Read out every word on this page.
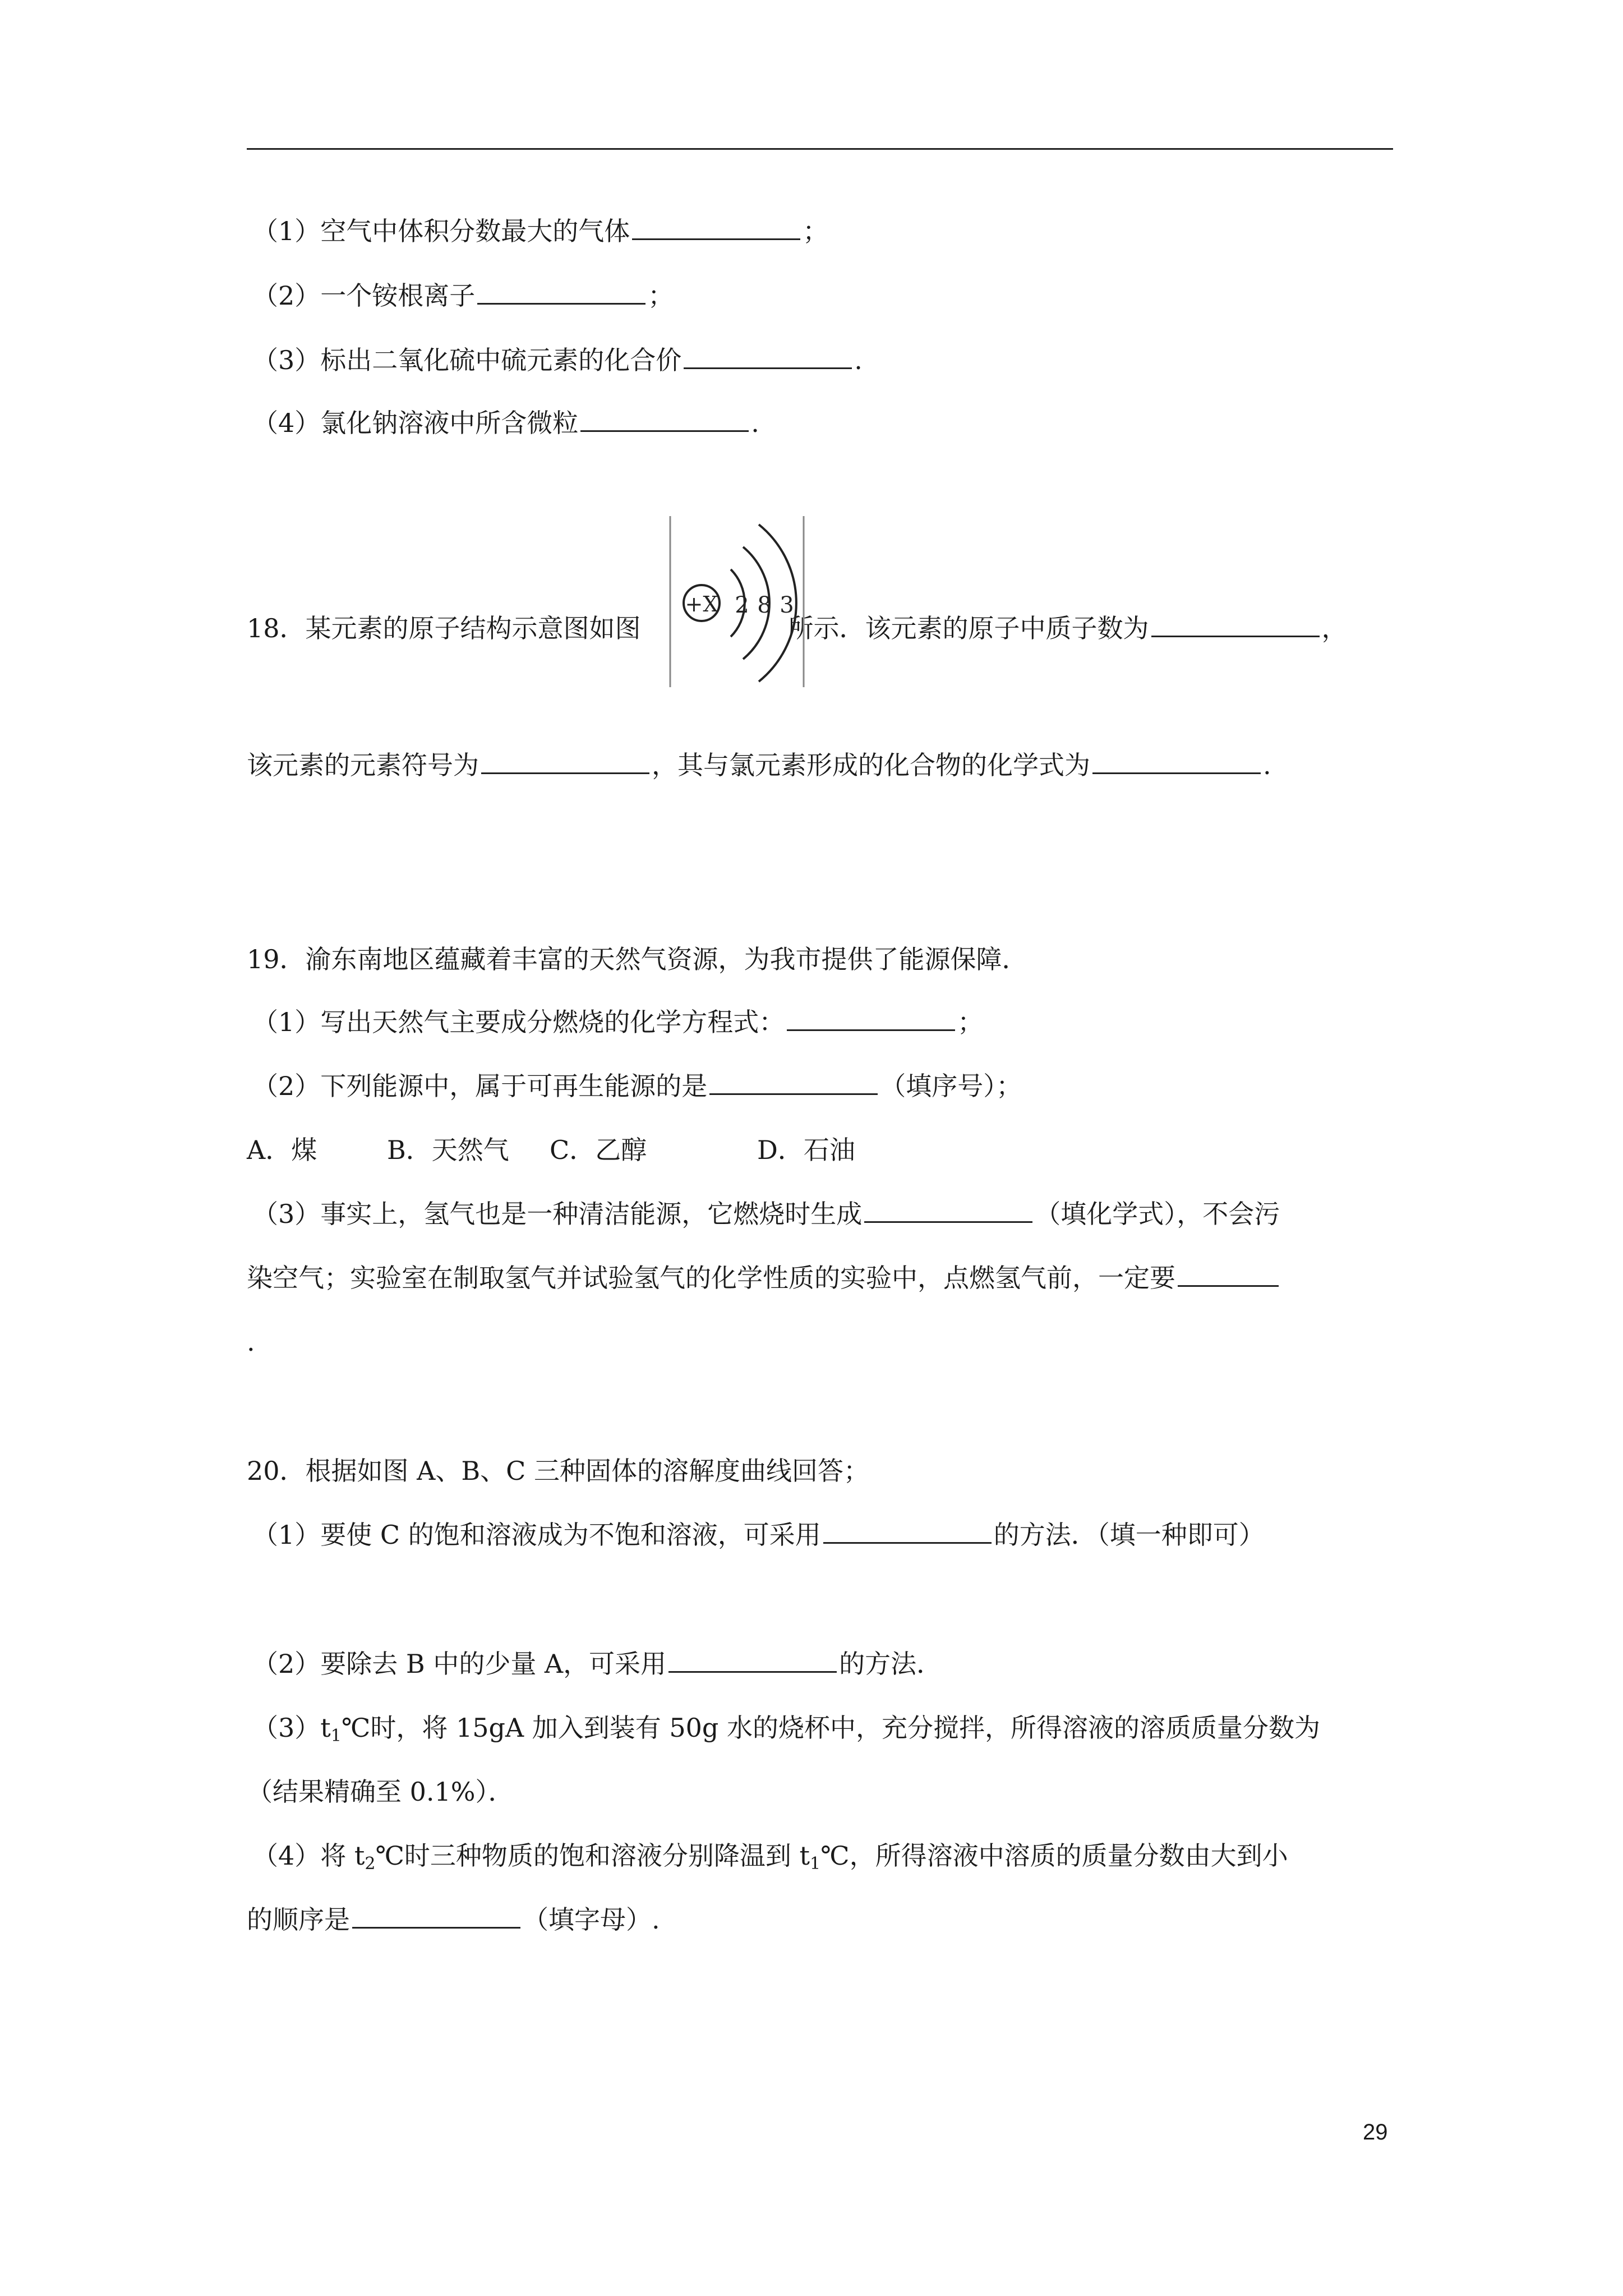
（1）空气中体积分数最大的气体	；
（2）一个铵根离子	；
（3）标出二氧化硫中硫元素的化合价	.
（4）氯化钠溶液中所含微粒	.
18．某元素的原子结构示意图如图	所示．该元素的原子中质子数为	，
+X 2 8 3
该元素的元素符号为	，其与氯元素形成的化合物的化学式为	.
19．渝东南地区蕴藏着丰富的天然气资源，为我市提供了能源保障．
（1）写出天然气主要成分燃烧的化学方程式：	；
（2）下列能源中，属于可再生能源的是	（填序号）；
A．煤	B．天然气 C．乙醇	D．石油
（3）事实上，氢气也是一种清洁能源，它燃烧时生成	（填化学式），不会污
染空气；实验室在制取氢气并试验氢气的化学性质的实验中，点燃氢气前，一定要
.
20．根据如图 A、B、C 三种固体的溶解度曲线回答；
（1）要使 C 的饱和溶液成为不饱和溶液，可采用	的方法．（填一种即可）
（2）要除去 B 中的少量 A，可采用	的方法．
$(3)t_1℃$时，将 15gA 加入到装有 50g 水的烧杯中，充分搅拌，所得溶液的溶质质量分数为
（结果精确至 0.1%）．
（4）将 $t_2℃$时三种物质的饱和溶液分别降温到 $t_1℃$，所得溶液中溶质的质量分数由大到小
的顺序是	（填字母）.
29
